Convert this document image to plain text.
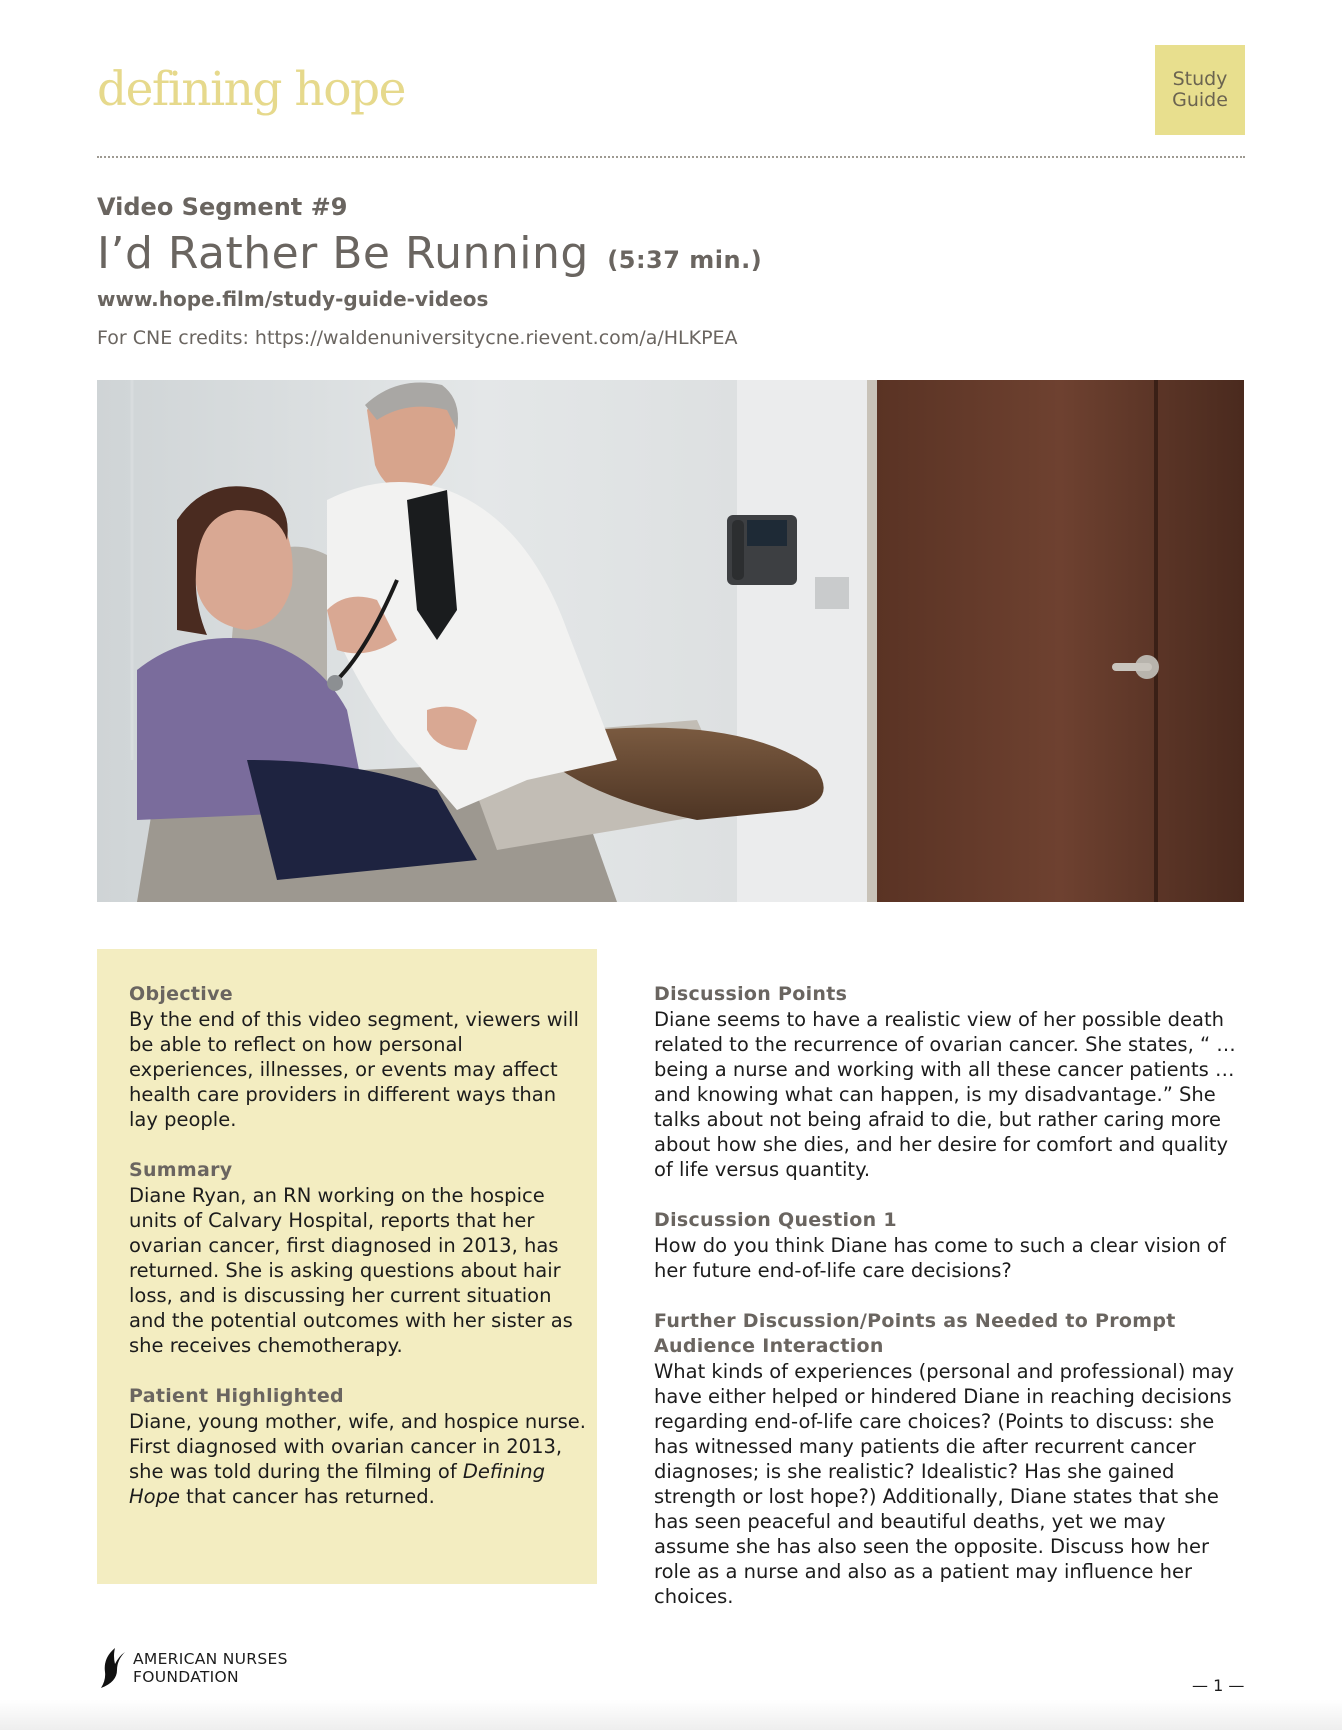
defining hope	Study
Guide
Video Segment #9
I’d Rather Be Running (5:37 min.)
www.hope.film/study-guide-videos
For CNE credits: https://waldenuniversitycne.rievent.com/a/HLKPEA
Objective
By the end of this video segment, viewers will be able to reflect on how personal experiences, illnesses, or events may affect health care providers in different ways than lay people.
Summary
Diane Ryan, an RN working on the hospice units of Calvary Hospital, reports that her ovarian cancer, first diagnosed in 2013, has returned. She is asking questions about hair loss, and is discussing her current situation and the potential outcomes with her sister as she receives chemotherapy.
Patient Highlighted
Diane, young mother, wife, and hospice nurse. First diagnosed with ovarian cancer in 2013, she was told during the filming of Defining Hope that cancer has returned.
Discussion Points
Diane seems to have a realistic view of her possible death related to the recurrence of ovarian cancer. She states, “ … being a nurse and working with all these cancer patients … and knowing what can happen, is my disadvantage.” She talks about not being afraid to die, but rather caring more about how she dies, and her desire for comfort and quality of life versus quantity.
Discussion Question 1
How do you think Diane has come to such a clear vision of her future end-of-life care decisions?
Further Discussion/Points as Needed to Prompt Audience Interaction
What kinds of experiences (personal and professional) may have either helped or hindered Diane in reaching decisions regarding end-of-life care choices? (Points to discuss: she has witnessed many patients die after recurrent cancer diagnoses; is she realistic? Idealistic? Has she gained strength or lost hope?) Additionally, Diane states that she has seen peaceful and beautiful deaths, yet we may assume she has also seen the opposite. Discuss how her role as a nurse and also as a patient may influence her choices.
AMERICAN NURSES
FOUNDATION	— 1 —
